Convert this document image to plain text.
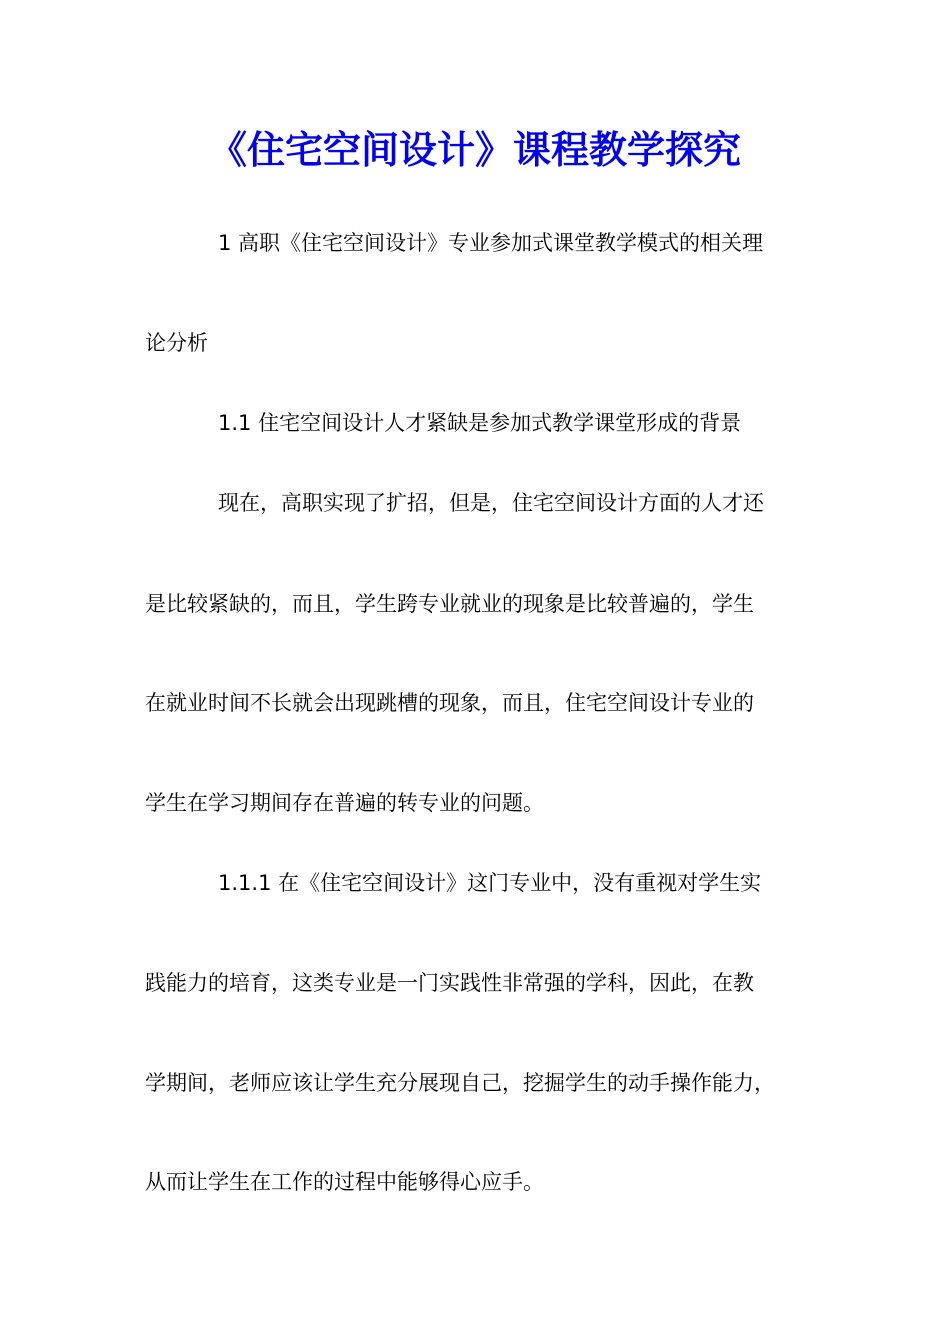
《住宅空间设计》课程教学探究
1 高职《住宅空间设计》专业参加式课堂教学模式的相关理
论分析
1.1 住宅空间设计人才紧缺是参加式教学课堂形成的背景
现在，高职实现了扩招，但是，住宅空间设计方面的人才还
是比较紧缺的，而且，学生跨专业就业的现象是比较普遍的，学生
在就业时间不长就会出现跳槽的现象，而且，住宅空间设计专业的
学生在学习期间存在普遍的转专业的问题。
1.1.1 在《住宅空间设计》这门专业中，没有重视对学生实
践能力的培育，这类专业是一门实践性非常强的学科，因此，在教
学期间，老师应该让学生充分展现自己，挖掘学生的动手操作能力，
从而让学生在工作的过程中能够得心应手。
